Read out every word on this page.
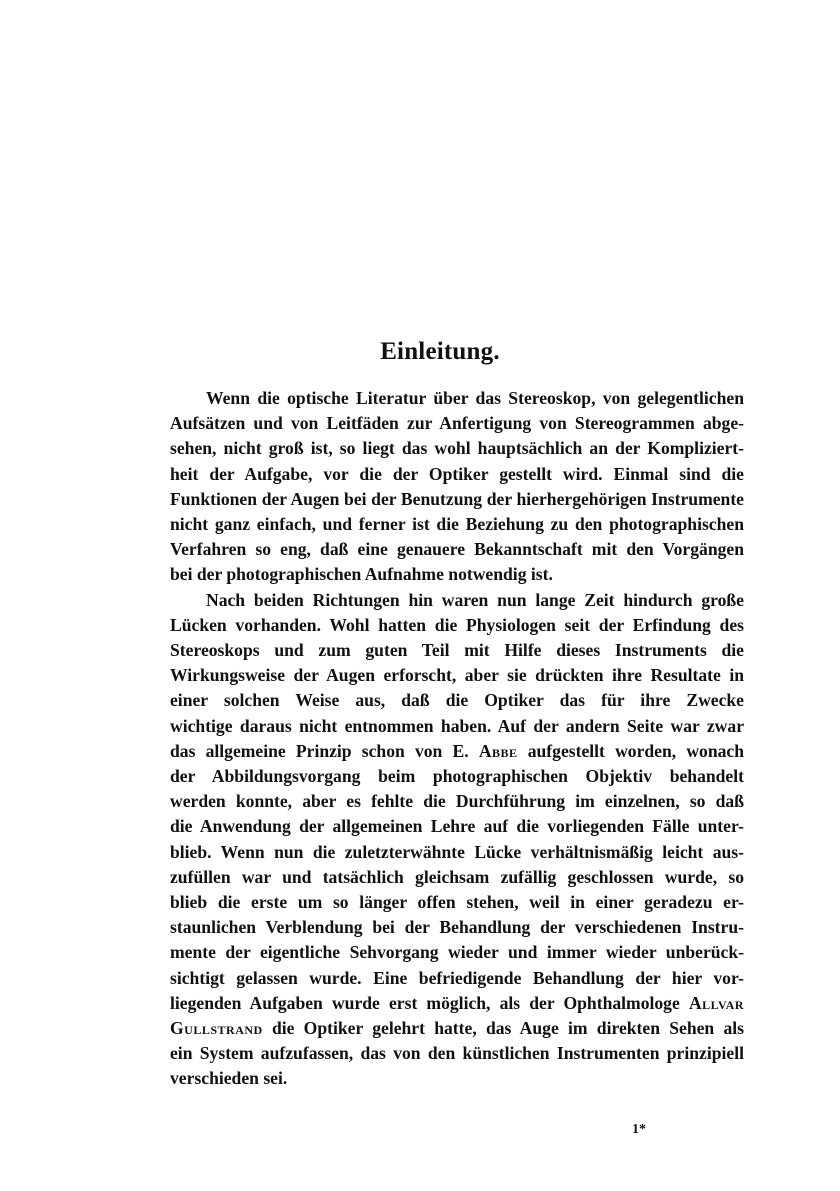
Einleitung.
Wenn die optische Literatur über das Stereoskop, von gelegentlichen
Aufsätzen und von Leitfäden zur Anfertigung von Stereogrammen abge-
sehen, nicht groß ist, so liegt das wohl hauptsächlich an der Kompliziert-
heit der Aufgabe, vor die der Optiker gestellt wird. Einmal sind die
Funktionen der Augen bei der Benutzung der hierhergehörigen Instrumente
nicht ganz einfach, und ferner ist die Beziehung zu den photographischen
Verfahren so eng, daß eine genauere Bekanntschaft mit den Vorgängen
bei der photographischen Aufnahme notwendig ist.
Nach beiden Richtungen hin waren nun lange Zeit hindurch große
Lücken vorhanden. Wohl hatten die Physiologen seit der Erfindung des
Stereoskops und zum guten Teil mit Hilfe dieses Instruments die
Wirkungsweise der Augen erforscht, aber sie drückten ihre Resultate in
einer solchen Weise aus, daß die Optiker das für ihre Zwecke
wichtige daraus nicht entnommen haben. Auf der andern Seite war zwar
das allgemeine Prinzip schon von E. Abbe aufgestellt worden, wonach
der Abbildungsvorgang beim photographischen Objektiv behandelt
werden konnte, aber es fehlte die Durchführung im einzelnen, so daß
die Anwendung der allgemeinen Lehre auf die vorliegenden Fälle unter-
blieb. Wenn nun die zuletzterwähnte Lücke verhältnismäßig leicht aus-
zufüllen war und tatsächlich gleichsam zufällig geschlossen wurde, so
blieb die erste um so länger offen stehen, weil in einer geradezu er-
staunlichen Verblendung bei der Behandlung der verschiedenen Instru-
mente der eigentliche Sehvorgang wieder und immer wieder unberück-
sichtigt gelassen wurde. Eine befriedigende Behandlung der hier vor-
liegenden Aufgaben wurde erst möglich, als der Ophthalmologe Allvar
Gullstrand die Optiker gelehrt hatte, das Auge im direkten Sehen als
ein System aufzufassen, das von den künstlichen Instrumenten prinzipiell
verschieden sei.
1*
